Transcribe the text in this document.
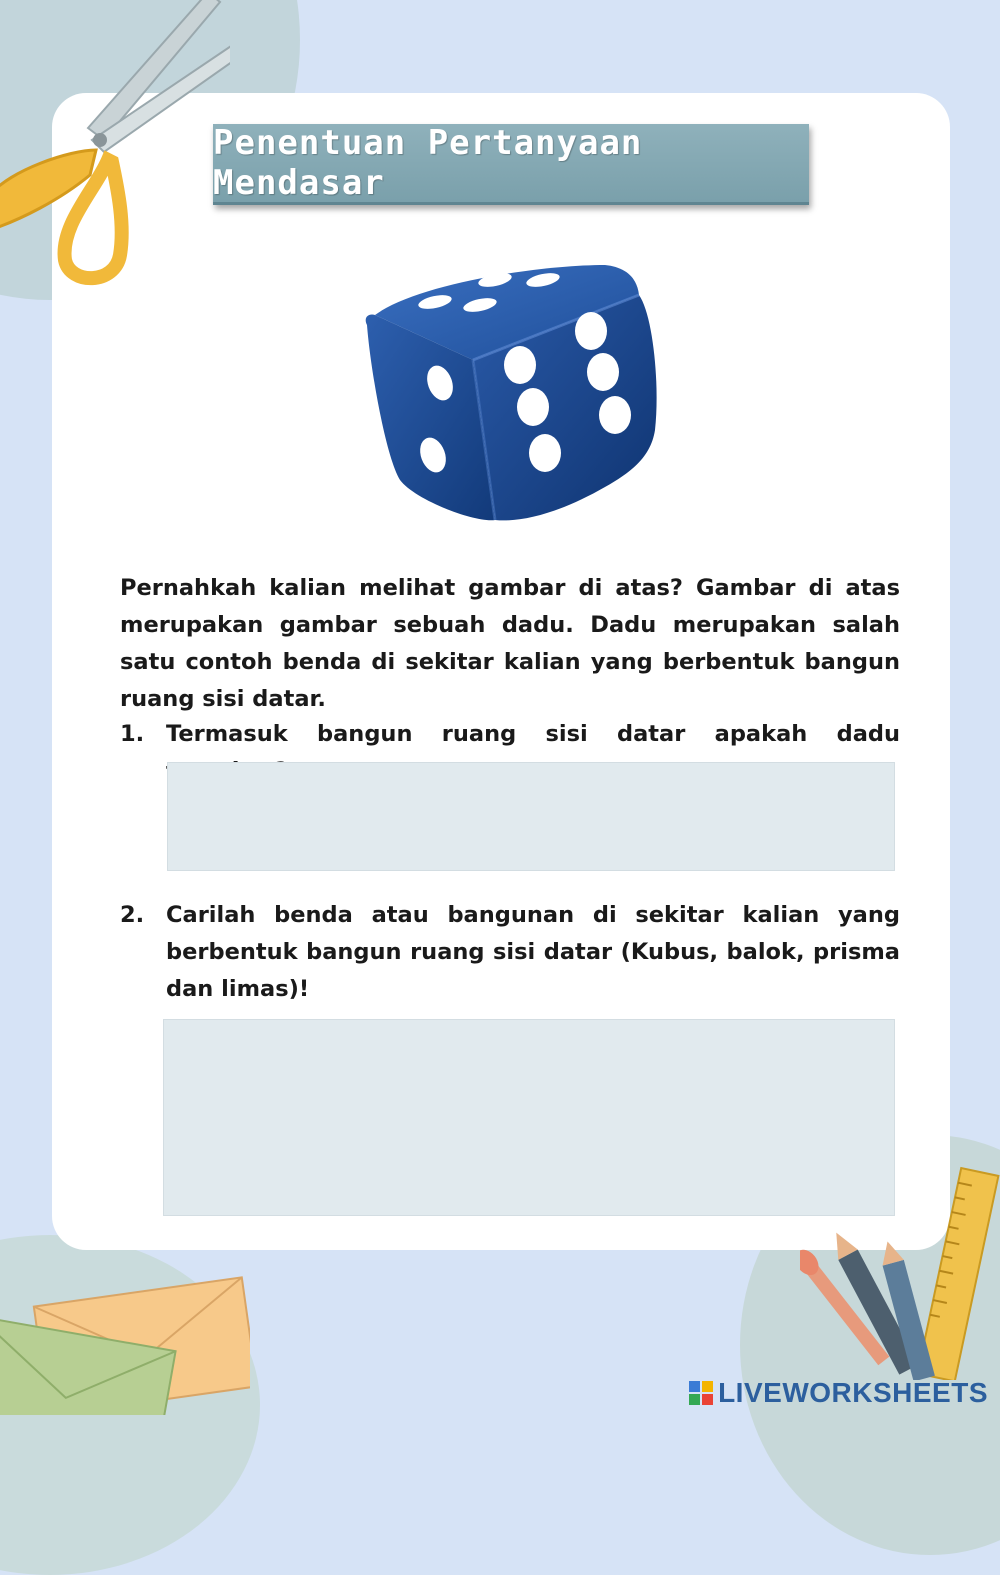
Penentuan Pertanyaan Mendasar

Pernahkah kalian melihat gambar di atas? Gambar di atas merupakan gambar sebuah dadu. Dadu merupakan salah satu contoh benda di sekitar kalian yang berbentuk bangun ruang sisi datar.

1. Termasuk bangun ruang sisi datar apakah dadu

2. Carilah benda atau bangunan di sekitar kalian yang berbentuk bangun ruang sisi datar (Kubus, balok, prisma dan limas)!

LIVEWORKSHEETS
